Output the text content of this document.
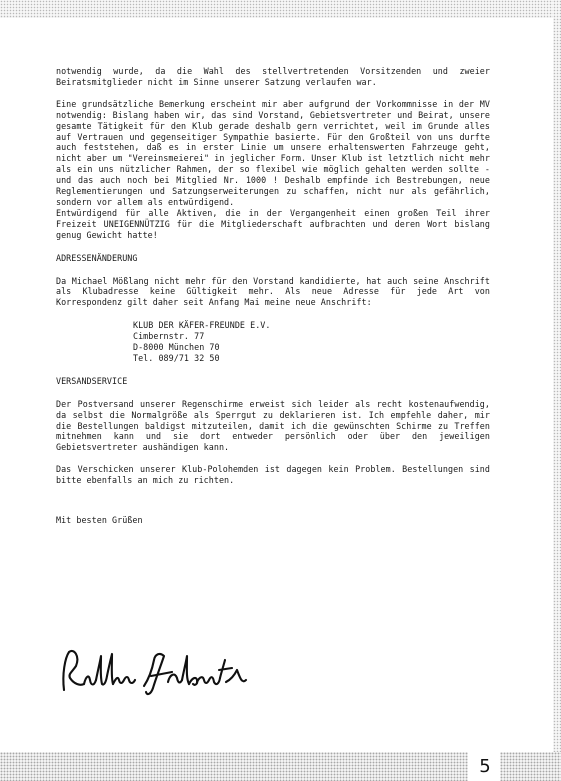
notwendig wurde, da die Wahl des stellvertretenden Vorsitzenden und zweier Beiratsmitglieder nicht im Sinne unserer Satzung verlaufen war.

Eine grundsätzliche Bemerkung erscheint mir aber aufgrund der Vorkommnisse in der MV notwendig: Bislang haben wir, das sind Vorstand, Gebietsvertreter und Beirat, unsere gesamte Tätigkeit für den Klub gerade deshalb gern verrichtet, weil im Grunde alles auf Vertrauen und gegenseitiger Sympathie basierte. Für den Großteil von uns durfte auch feststehen, daß es in erster Linie um unsere erhaltenswerten Fahrzeuge geht, nicht aber um "Vereinsmeierei" in jeglicher Form. Unser Klub ist letztlich nicht mehr als ein uns nützlicher Rahmen, der so flexibel wie möglich gehalten werden sollte - und das auch noch bei Mitglied Nr. 1000 ! Deshalb empfinde ich Bestrebungen, neue Reglementierungen und Satzungserweiterungen zu schaffen, nicht nur als gefährlich, sondern vor allem als entwürdigend.

Entwürdigend für alle Aktiven, die in der Vergangenheit einen großen Teil ihrer Freizeit UNEIGENNÜTZIG für die Mitgliederschaft aufbrachten und deren Wort bislang genug Gewicht hatte!

ADRESSENÄNDERUNG

Da Michael Mößlang nicht mehr für den Vorstand kandidierte, hat auch seine Anschrift als Klubadresse keine Gültigkeit mehr. Als neue Adresse für jede Art von Korrespondenz gilt daher seit Anfang Mai meine neue Anschrift:

KLUB DER KÄFER-FREUNDE E.V.
Cimbernstr. 77
D-8000 München 70
Tel. 089/71 32 50
VERSANDSERVICE

Der Postversand unserer Regenschirme erweist sich leider als recht kostenaufwendig, da selbst die Normalgröße als Sperrgut zu deklarieren ist. Ich empfehle daher, mir die Bestellungen baldigst mitzuteilen, damit ich die gewünschten Schirme zu Treffen mitnehmen kann und sie dort entweder persönlich oder über den jeweiligen Gebietsvertreter aushändigen kann.

Das Verschicken unserer Klub-Polohemden ist dagegen kein Problem. Bestellungen sind bitte ebenfalls an mich zu richten.

Mit besten Grüßen
5
